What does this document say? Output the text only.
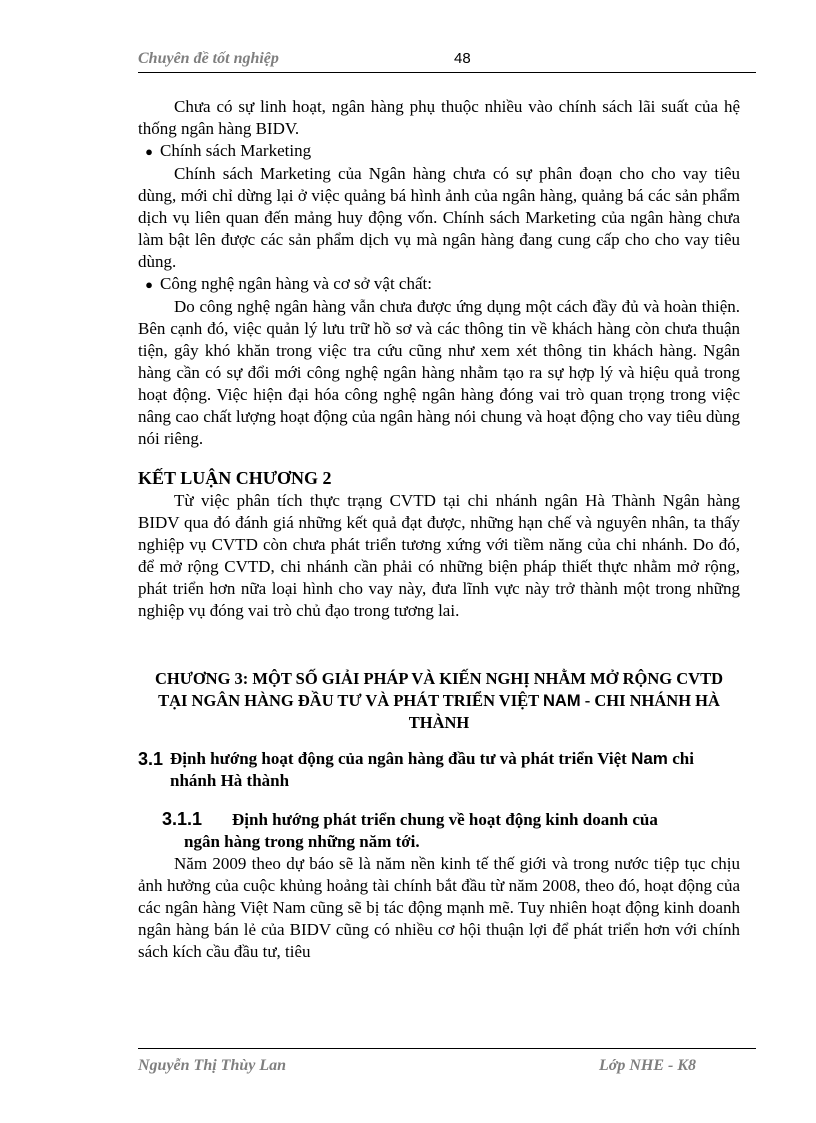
Chuyên đề tốt nghiệp	48

Chưa có sự linh hoạt, ngân hàng phụ thuộc nhiều vào chính sách lãi suất của hệ thống ngân hàng BIDV.

● Chính sách Marketing

Chính sách Marketing của Ngân hàng chưa có sự phân đoạn cho cho vay tiêu dùng, mới chỉ dừng lại ở việc quảng bá hình ảnh của ngân hàng, quảng bá các sản phẩm dịch vụ liên quan đến mảng huy động vốn. Chính sách Marketing của ngân hàng chưa làm bật lên được các sản phẩm dịch vụ mà ngân hàng đang cung cấp cho cho vay tiêu dùng.

● Công nghệ ngân hàng và cơ sở vật chất:

Do công nghệ ngân hàng vẫn chưa được ứng dụng một cách đầy đủ và hoàn thiện. Bên cạnh đó, việc quản lý lưu trữ hồ sơ và các thông tin về khách hàng còn chưa thuận tiện, gây khó khăn trong việc tra cứu cũng như xem xét thông tin khách hàng. Ngân hàng cần có sự đổi mới công nghệ ngân hàng nhằm tạo ra sự hợp lý và hiệu quả trong hoạt động. Việc hiện đại hóa công nghệ ngân hàng đóng vai trò quan trọng trong việc nâng cao chất lượng hoạt động của ngân hàng nói chung và hoạt động cho vay tiêu dùng nói riêng.

KẾT LUẬN CHƯƠNG 2

Từ việc phân tích thực trạng CVTD tại chi nhánh ngân Hà Thành Ngân hàng BIDV qua đó đánh giá những kết quả đạt được, những hạn chế và nguyên nhân, ta thấy nghiệp vụ CVTD còn chưa phát triển tương xứng với tiềm năng của chi nhánh. Do đó, để mở rộng CVTD, chi nhánh cần phải có những biện pháp thiết thực nhằm mở rộng, phát triển hơn nữa loại hình cho vay này, đưa lĩnh vực này trở thành một trong những nghiệp vụ đóng vai trò chủ đạo trong tương lai.

CHƯƠNG 3: MỘT SỐ GIẢI PHÁP VÀ KIẾN NGHỊ NHẰM MỞ RỘNG CVTD TẠI NGÂN HÀNG ĐẦU TƯ VÀ PHÁT TRIỂN VIỆT NAM - CHI NHÁNH HÀ THÀNH
3.1 Định hướng hoạt động của ngân hàng đầu tư và phát triển Việt Nam chi nhánh Hà thành
3.1.1 Định hướng phát triển chung về hoạt động kinh doanh của
ngân hàng trong những năm tới.

Năm 2009 theo dự báo sẽ là năm nền kinh tế thế giới và trong nước tiệp tục chịu ảnh hưởng của cuộc khủng hoảng tài chính bắt đầu từ năm 2008, theo đó, hoạt động của các ngân hàng Việt Nam cũng sẽ bị tác động mạnh mẽ. Tuy nhiên hoạt động kinh doanh ngân hàng bán lẻ của BIDV cũng có nhiều cơ hội thuận lợi để phát triển hơn với chính sách kích cầu đầu tư, tiêu

Nguyễn Thị Thùy Lan	Lớp NHE - K8
